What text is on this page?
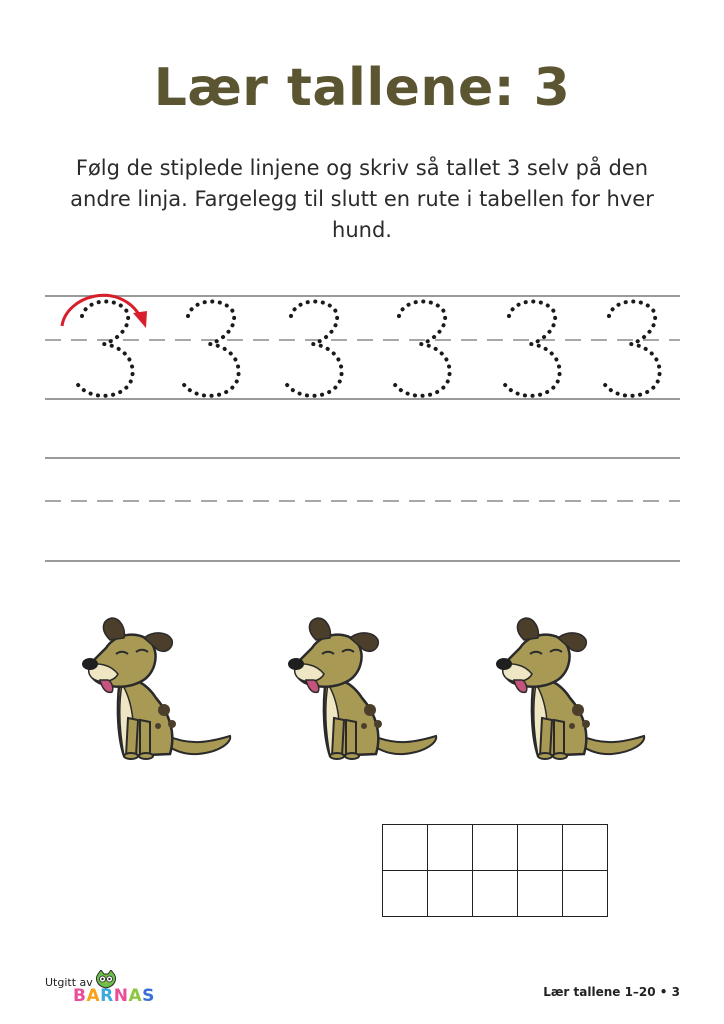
Lær tallene: 3
Følg de stiplede linjene og skriv så tallet 3 selv på den andre linja. Fargelegg til slutt en rute i tabellen for hver hund.

Utgitt av
BARNAS	Lær tallene 1–20 • 3
